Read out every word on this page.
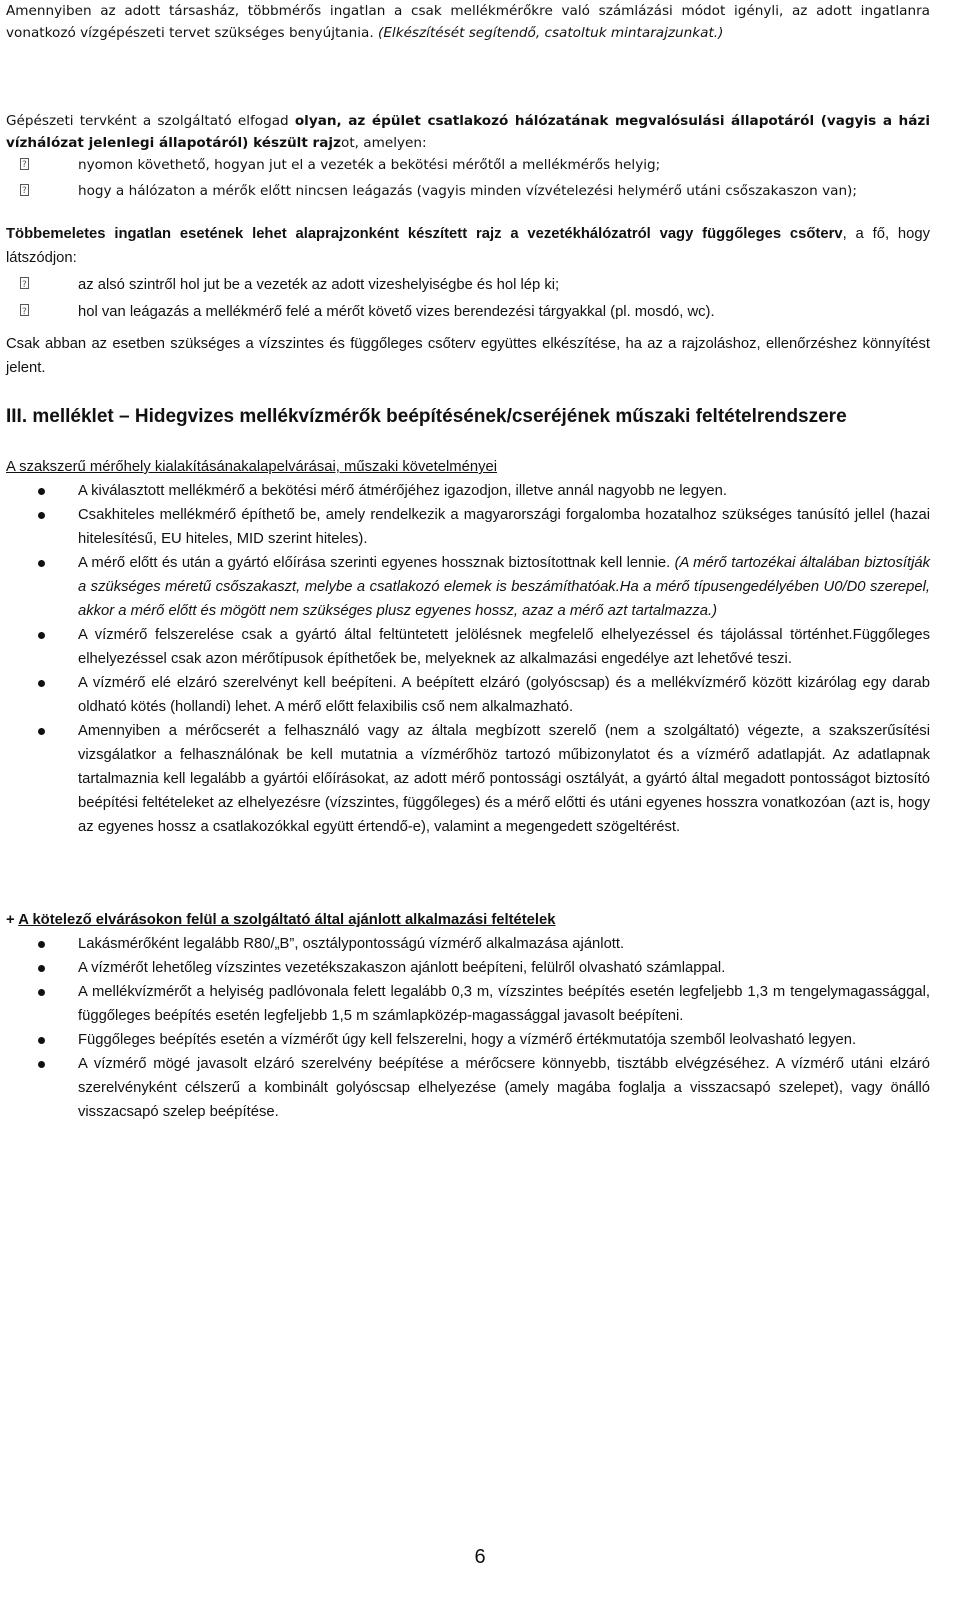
Amennyiben az adott társasház, többmérős ingatlan a csak mellékmérőkre való számlázási módot igényli, az adott ingatlanra vonatkozó vízgépészeti tervet szükséges benyújtania. (Elkészítését segítendő, csatoltuk mintarajzunkat.)

Gépészeti tervként a szolgáltató elfogad olyan, az épület csatlakozó hálózatának megvalósulási állapotáról (vagyis a házi vízhálózat jelenlegi állapotáról) készült rajzot, amelyen:

?
nyomon követhető, hogyan jut el a vezeték a bekötési mérőtől a mellékmérős helyig;
?
hogy a hálózaton a mérők előtt nincsen leágazás (vagyis minden vízvételezési helymérő utáni csőszakaszon van);

Többemeletes ingatlan esetének lehet alaprajzonként készített rajz a vezetékhálózatról vagy függőleges csőterv, a fő, hogy látszódjon:

?
az alsó szintről hol jut be a vezeték az adott vizeshelyiségbe és hol lép ki;
?
hol van leágazás a mellékmérő felé a mérőt követő vizes berendezési tárgyakkal (pl. mosdó, wc).

Csak abban az esetben szükséges a vízszintes és függőleges csőterv együttes elkészítése, ha az a rajzoláshoz, ellenőrzéshez könnyítést jelent.

III. melléklet – Hidegvizes mellékvízmérők beépítésének/cseréjének műszaki feltételrendszere

A szakszerű mérőhely kialakításánakalapelvárásai, műszaki követelményei

A kiválasztott mellékmérő a bekötési mérő átmérőjéhez igazodjon, illetve annál nagyobb ne legyen.
Csakhiteles mellékmérő építhető be, amely rendelkezik a magyarországi forgalomba hozatalhoz szükséges tanúsító jellel (hazai hitelesítésű, EU hiteles, MID szerint hiteles).
A mérő előtt és után a gyártó előírása szerinti egyenes hossznak biztosítottnak kell lennie. (A mérő tartozékai általában biztosítják a szükséges méretű csőszakaszt, melybe a csatlakozó elemek is beszámíthatóak.Ha a mérő típusengedélyében U0/D0 szerepel, akkor a mérő előtt és mögött nem szükséges plusz egyenes hossz, azaz a mérő azt tartalmazza.)
A vízmérő felszerelése csak a gyártó által feltüntetett jelölésnek megfelelő elhelyezéssel és tájolással történhet.Függőleges elhelyezéssel csak azon mérőtípusok építhetőek be, melyeknek az alkalmazási engedélye azt lehetővé teszi.
A vízmérő elé elzáró szerelvényt kell beépíteni. A beépített elzáró (golyóscsap) és a mellékvízmérő között kizárólag egy darab oldható kötés (hollandi) lehet. A mérő előtt felaxibilis cső nem alkalmazható.
Amennyiben a mérőcserét a felhasználó vagy az általa megbízott szerelő (nem a szolgáltató) végezte, a szakszerűsítési vizsgálatkor a felhasználónak be kell mutatnia a vízmérőhöz tartozó műbizonylatot és a vízmérő adatlapját. Az adatlapnak tartalmaznia kell legalább a gyártói előírásokat, az adott mérő pontossági osztályát, a gyártó által megadott pontosságot biztosító beépítési feltételeket az elhelyezésre (vízszintes, függőleges) és a mérő előtti és utáni egyenes hosszra vonatkozóan (azt is, hogy az egyenes hossz a csatlakozókkal együtt értendő-e), valamint a megengedett szögeltérést.

+ A kötelező elvárásokon felül a szolgáltató által ajánlott alkalmazási feltételek

Lakásmérőként legalább R80/„B”, osztálypontosságú vízmérő alkalmazása ajánlott.
A vízmérőt lehetőleg vízszintes vezetékszakaszon ajánlott beépíteni, felülről olvasható számlappal.
A mellékvízmérőt a helyiség padlóvonala felett legalább 0,3 m, vízszintes beépítés esetén legfeljebb 1,3 m tengelymagassággal, függőleges beépítés esetén legfeljebb 1,5 m számlapközép-magassággal javasolt beépíteni.
Függőleges beépítés esetén a vízmérőt úgy kell felszerelni, hogy a vízmérő értékmutatója szemből leolvasható legyen.
A vízmérő mögé javasolt elzáró szerelvény beépítése a mérőcsere könnyebb, tisztább elvégzéséhez. A vízmérő utáni elzáró szerelvényként célszerű a kombinált golyóscsap elhelyezése (amely magába foglalja a visszacsapó szelepet), vagy önálló visszacsapó szelep beépítése.
6
